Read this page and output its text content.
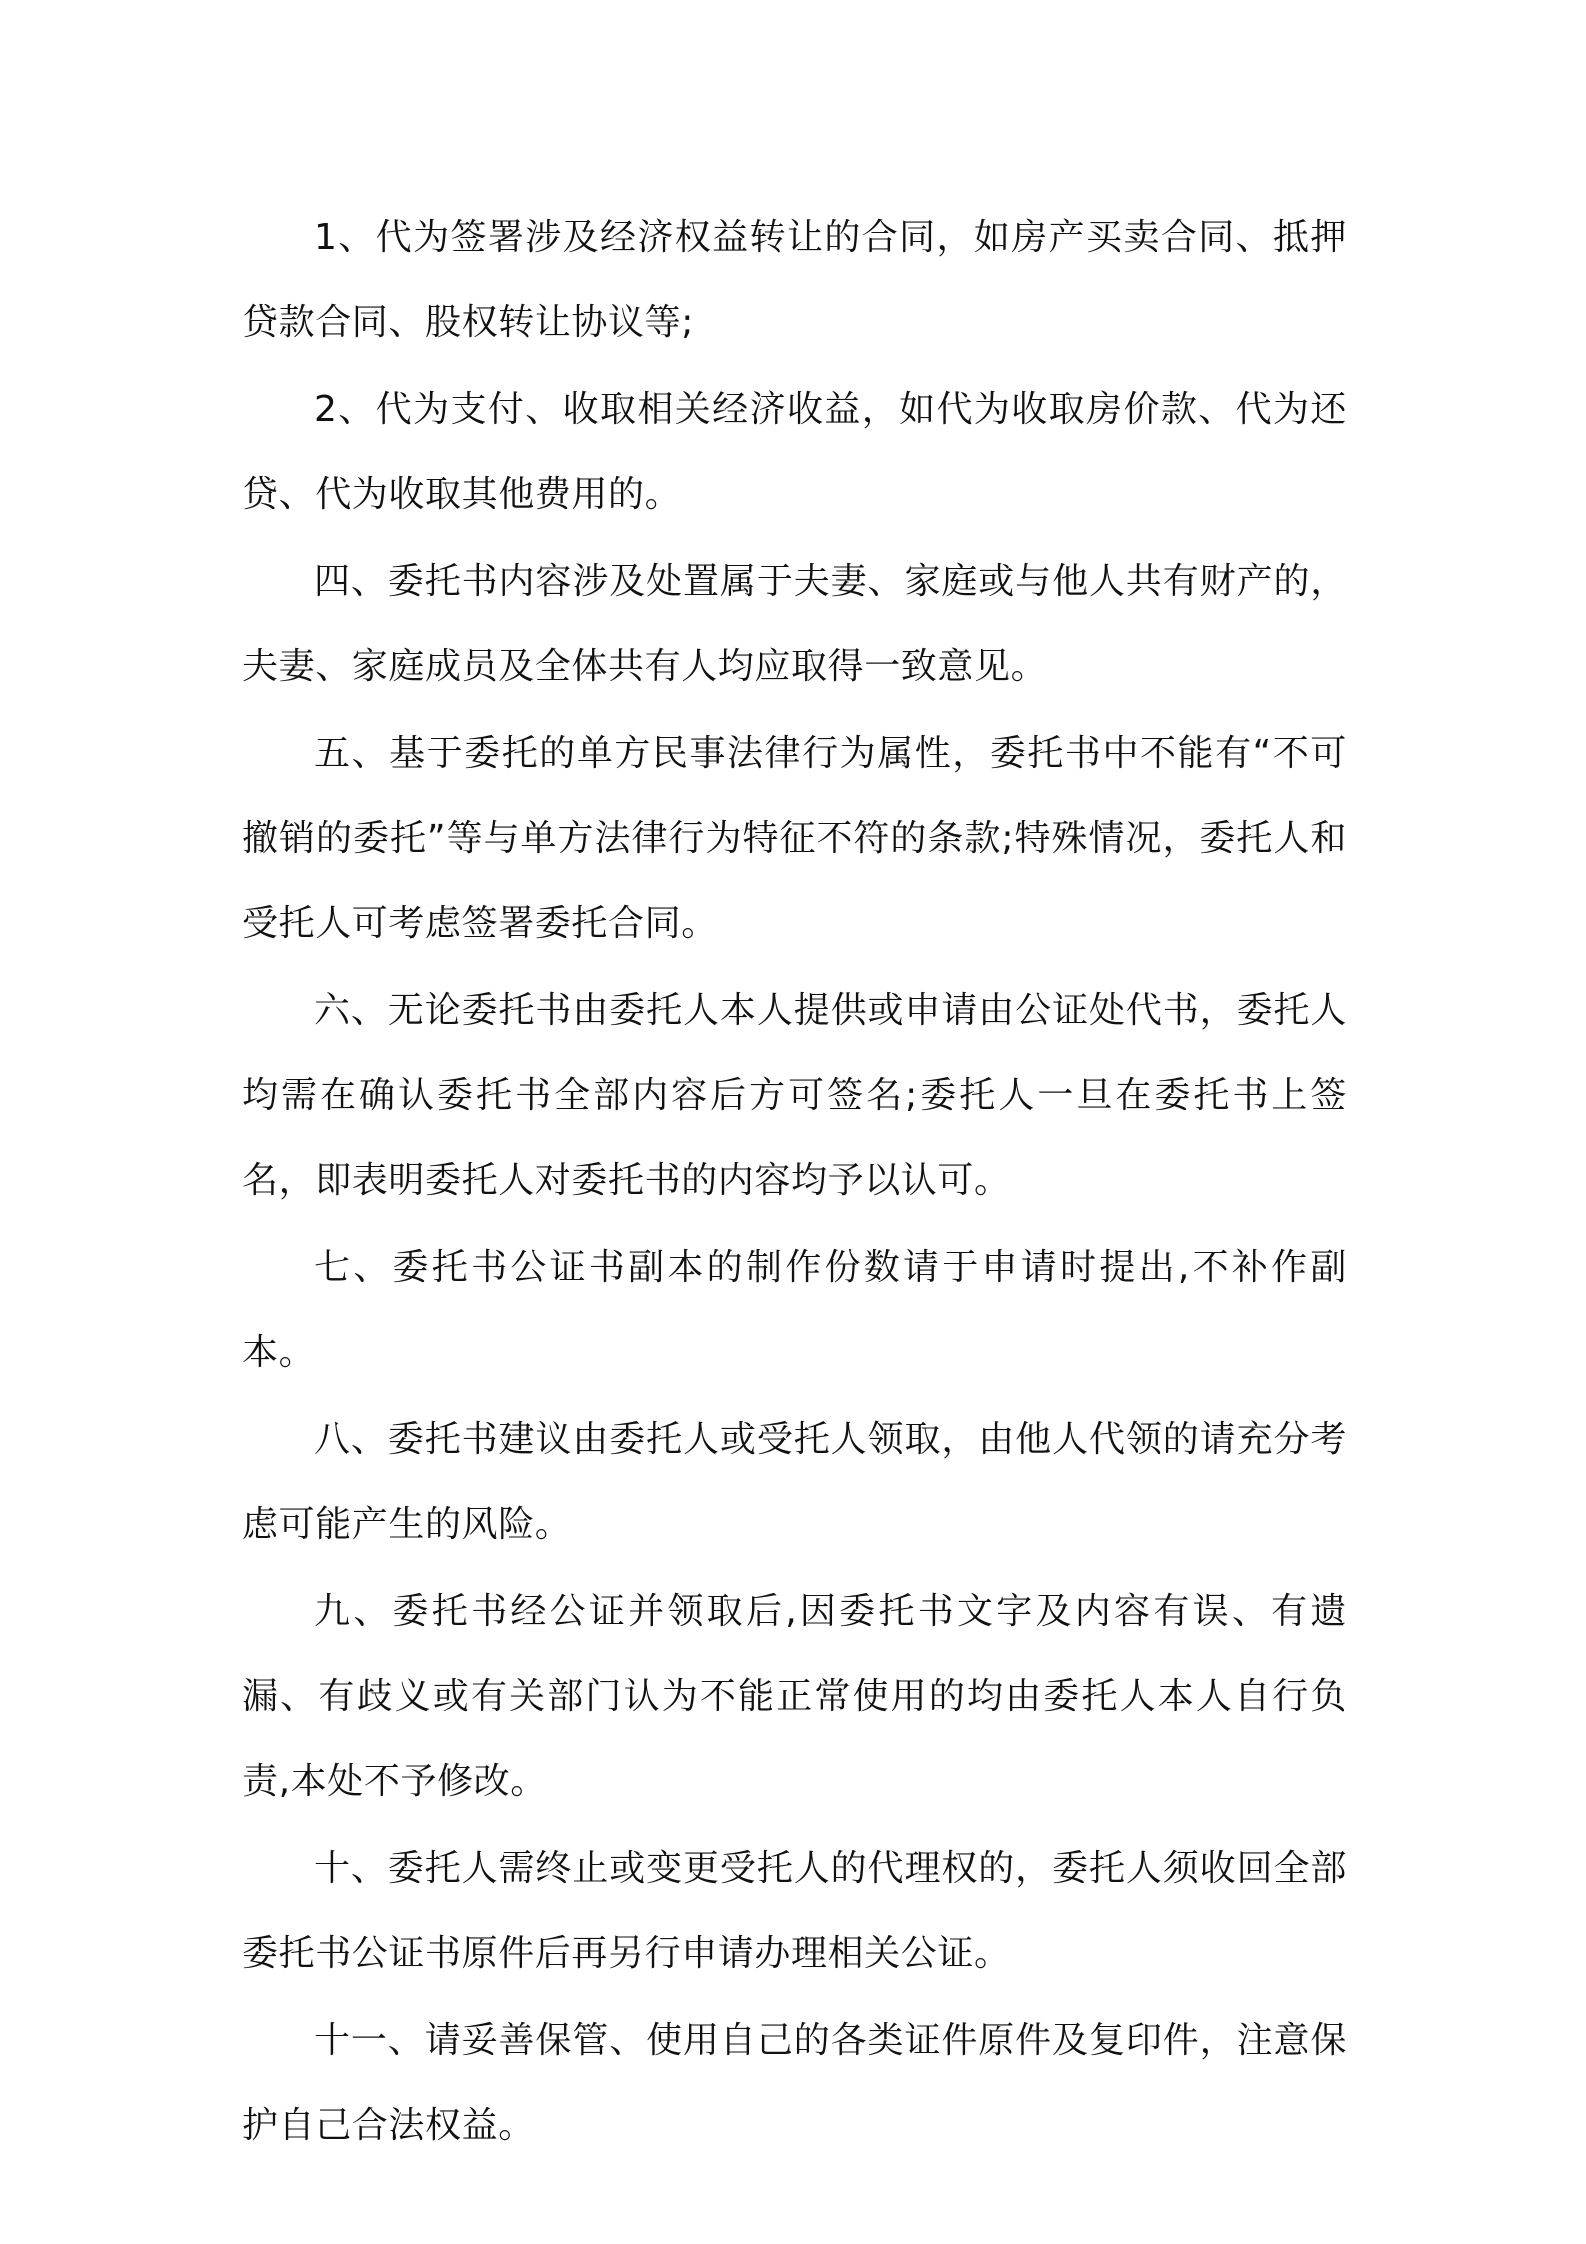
1、代为签署涉及经济权益转让的合同，如房产买卖合同、抵押贷款合同、股权转让协议等;

2、代为支付、收取相关经济收益，如代为收取房价款、代为还贷、代为收取其他费用的。

四、委托书内容涉及处置属于夫妻、家庭或与他人共有财产的，夫妻、家庭成员及全体共有人均应取得一致意见。

五、基于委托的单方民事法律行为属性，委托书中不能有“不可撤销的委托”等与单方法律行为特征不符的条款;特殊情况，委托人和受托人可考虑签署委托合同。

六、无论委托书由委托人本人提供或申请由公证处代书，委托人均需在确认委托书全部内容后方可签名;委托人一旦在委托书上签名，即表明委托人对委托书的内容均予以认可。

七、委托书公证书副本的制作份数请于申请时提出,不补作副本。

八、委托书建议由委托人或受托人领取，由他人代领的请充分考虑可能产生的风险。

九、委托书经公证并领取后,因委托书文字及内容有误、有遗漏、有歧义或有关部门认为不能正常使用的均由委托人本人自行负责,本处不予修改。

十、委托人需终止或变更受托人的代理权的，委托人须收回全部委托书公证书原件后再另行申请办理相关公证。

十一、请妥善保管、使用自己的各类证件原件及复印件，注意保护自己合法权益。
